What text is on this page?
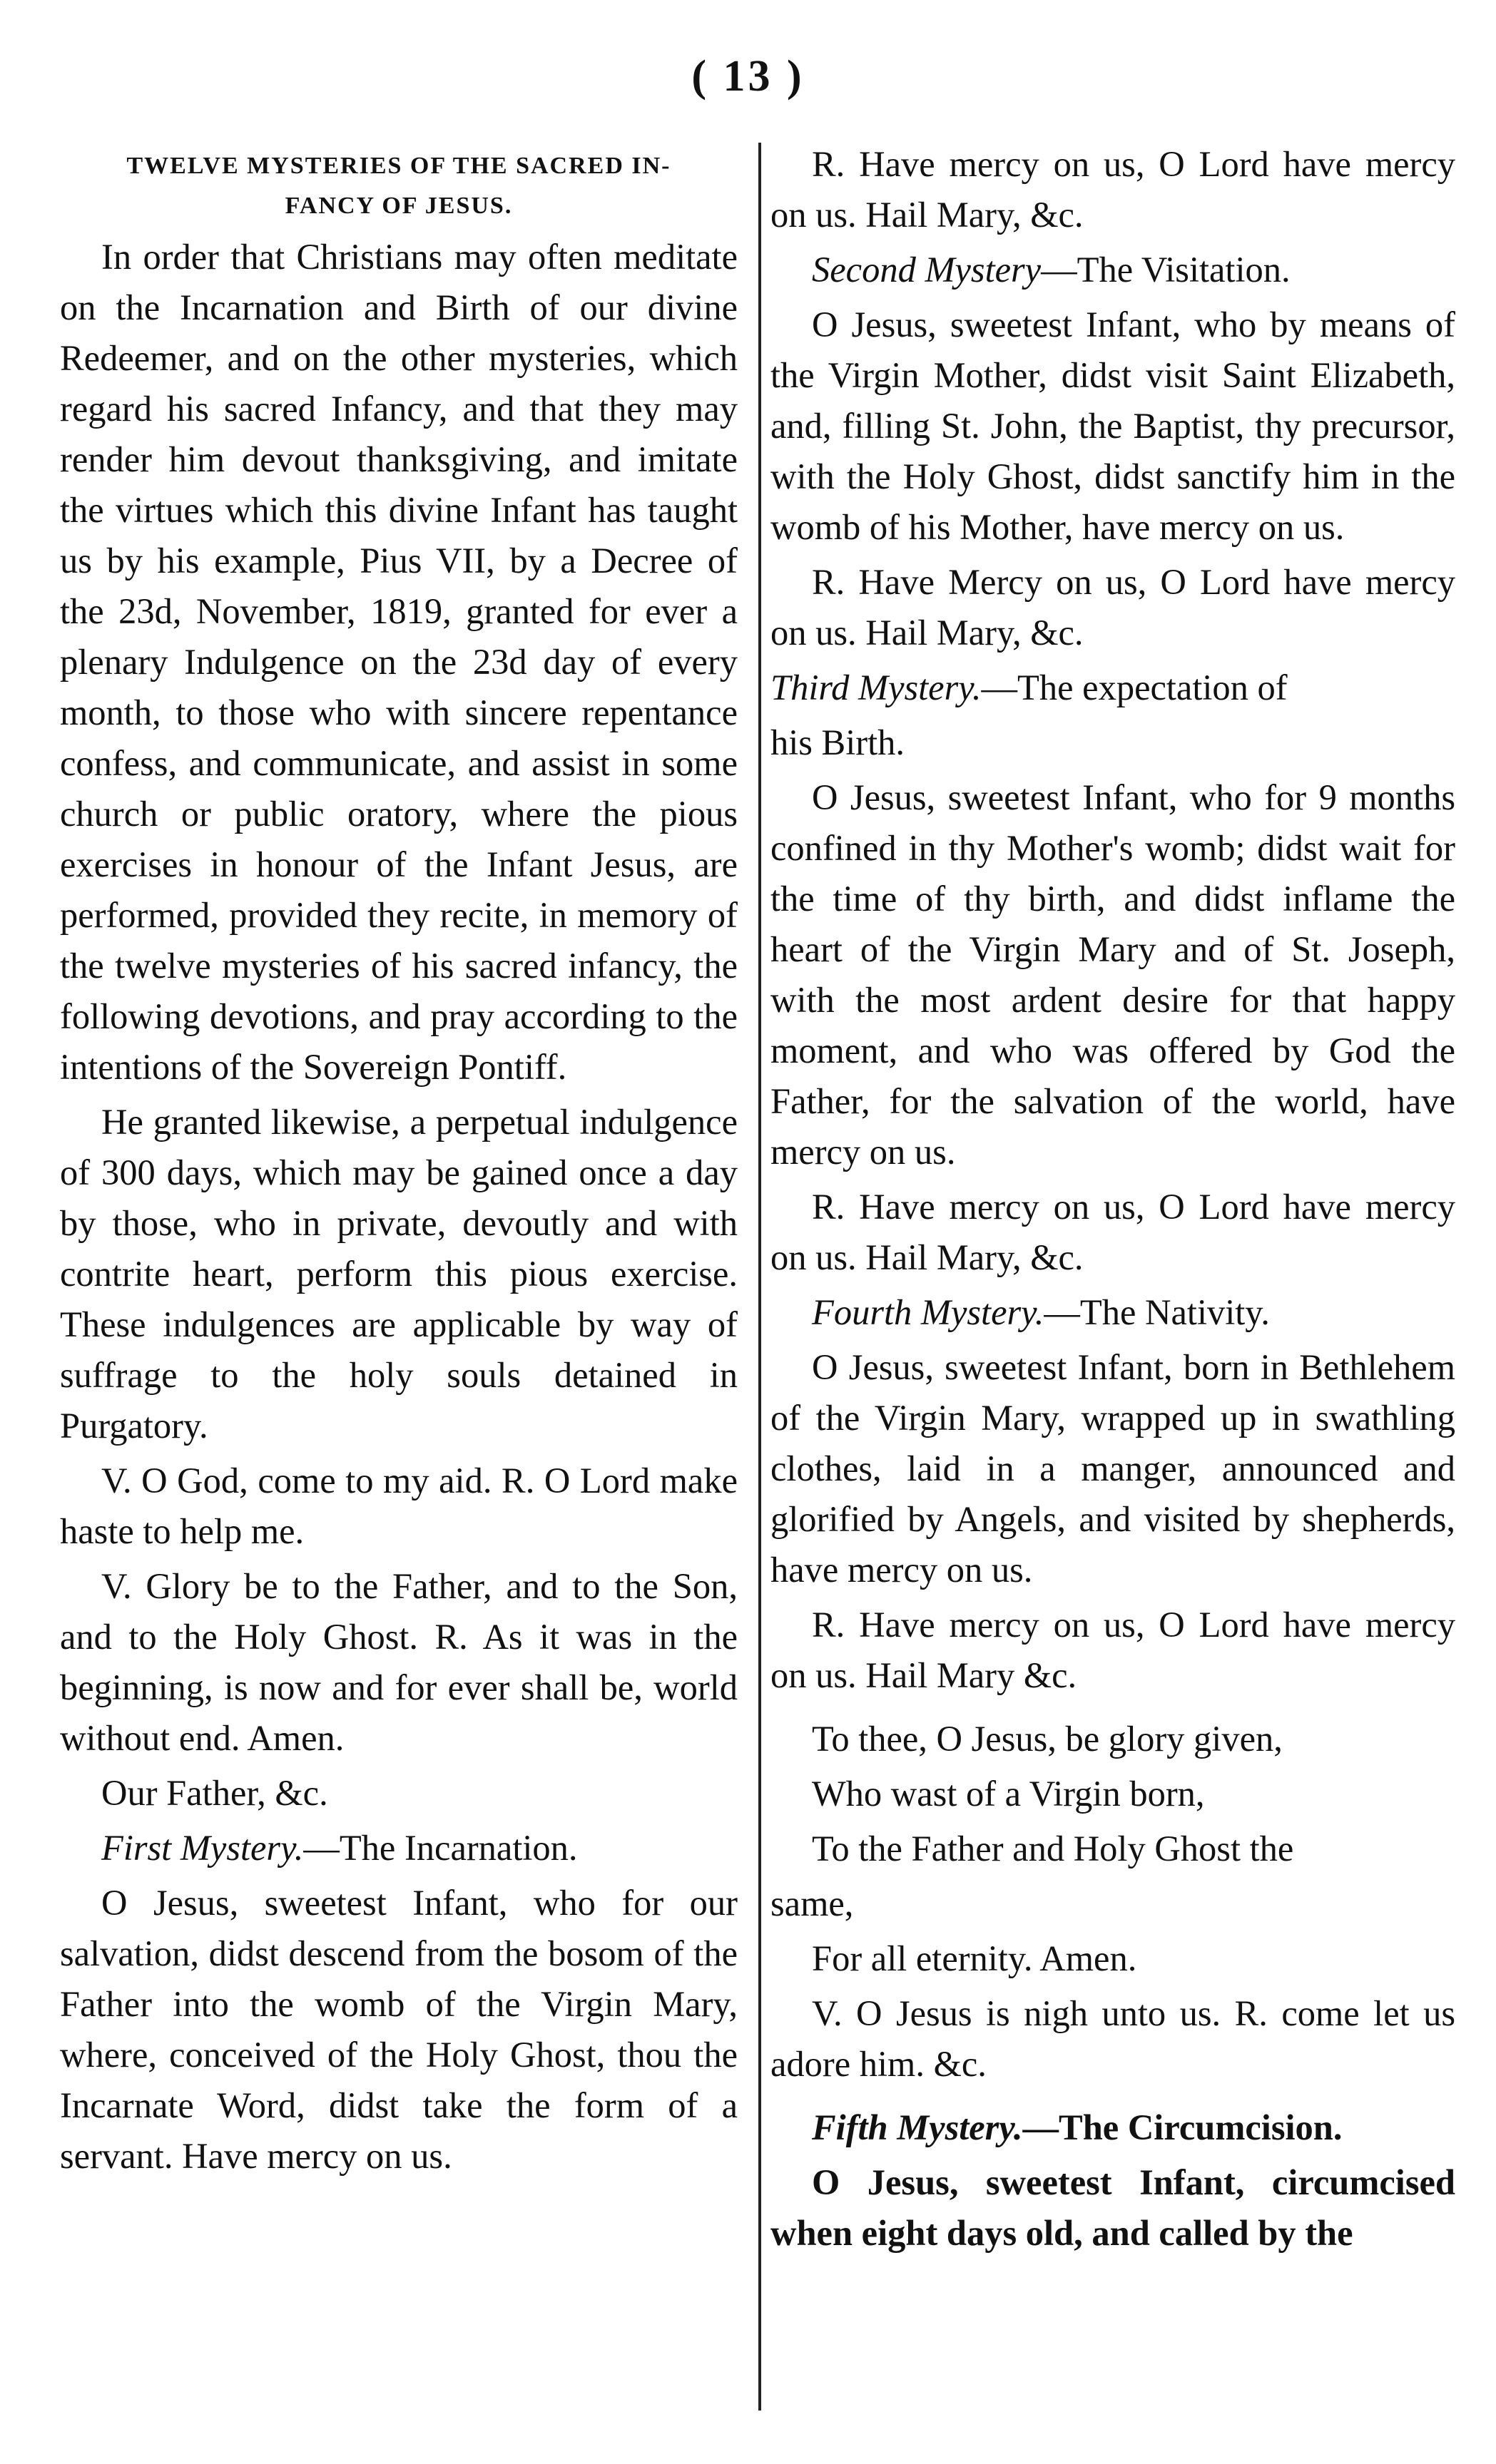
( 13 )
TWELVE MYSTERIES OF THE SACRED IN-
FANCY OF JESUS.

In order that Christians may often meditate on the Incarnation and Birth of our divine Redeemer, and on the other mysteries, which regard his sacred Infancy, and that they may render him devout thanksgiving, and imitate the virtues which this divine Infant has taught us by his example, Pius VII, by a Decree of the 23d, November, 1819, granted for ever a plenary Indulgence on the 23d day of every month, to those who with sincere repentance confess, and communicate, and assist in some church or public oratory, where the pious exercises in honour of the Infant Jesus, are performed, provided they recite, in memory of the twelve mysteries of his sacred infancy, the following devotions, and pray according to the intentions of the Sovereign Pontiff.

He granted likewise, a perpetual indulgence of 300 days, which may be gained once a day by those, who in private, devoutly and with contrite heart, perform this pious exercise. These indulgences are applicable by way of suffrage to the holy souls detained in Purgatory.

V. O God, come to my aid. R. O Lord make haste to help me.

V. Glory be to the Father, and to the Son, and to the Holy Ghost. R. As it was in the beginning, is now and for ever shall be, world without end. Amen.

Our Father, &c.

First Mystery.—The Incarnation.

O Jesus, sweetest Infant, who for our salvation, didst descend from the bosom of the Father into the womb of the Virgin Mary, where, conceived of the Holy Ghost, thou the Incarnate Word, didst take the form of a servant. Have mercy on us.

R. Have mercy on us, O Lord have mercy on us. Hail Mary, &c.

Second Mystery—The Visitation.

O Jesus, sweetest Infant, who by means of the Virgin Mother, didst visit Saint Elizabeth, and, filling St. John, the Baptist, thy precursor, with the Holy Ghost, didst sanctify him in the womb of his Mother, have mercy on us.

R. Have Mercy on us, O Lord have mercy on us. Hail Mary, &c.

Third Mystery.—The expectation of

his Birth.

O Jesus, sweetest Infant, who for 9 months confined in thy Mother's womb; didst wait for the time of thy birth, and didst inflame the heart of the Virgin Mary and of St. Joseph, with the most ardent desire for that happy moment, and who was offered by God the Father, for the salvation of the world, have mercy on us.

R. Have mercy on us, O Lord have mercy on us. Hail Mary, &c.

Fourth Mystery.—The Nativity.

O Jesus, sweetest Infant, born in Bethlehem of the Virgin Mary, wrapped up in swathling clothes, laid in a manger, announced and glorified by Angels, and visited by shepherds, have mercy on us.

R. Have mercy on us, O Lord have mercy on us. Hail Mary &c.

To thee, O Jesus, be glory given,

Who wast of a Virgin born,

To the Father and Holy Ghost the

same,

For all eternity. Amen.

V. O Jesus is nigh unto us. R. come let us adore him. &c.

Fifth Mystery.—The Circumcision.

O Jesus, sweetest Infant, circumcised when eight days old, and called by the
